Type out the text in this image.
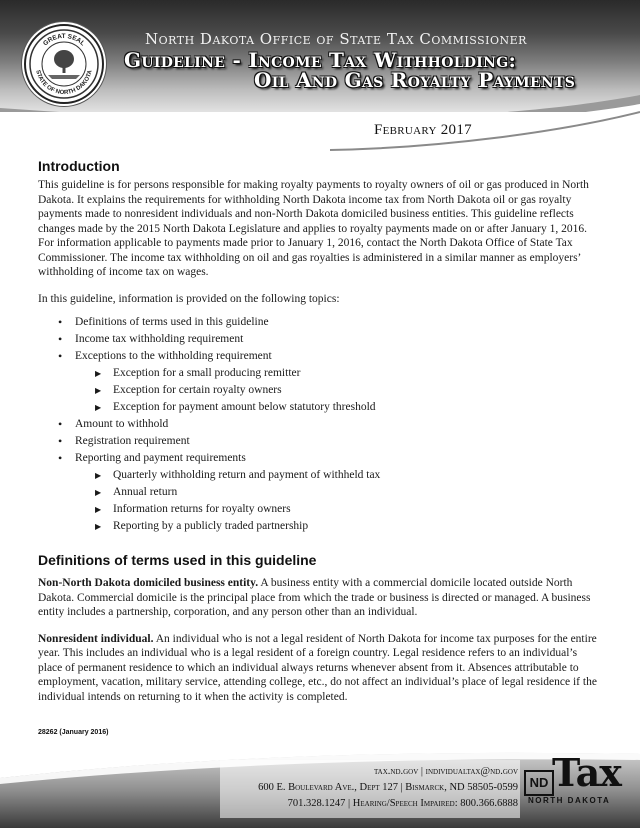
GREAT SEAL
STATE OF NORTH DAKOTA
North Dakota Office of State Tax Commissioner
Guideline - Income Tax Withholding:
Oil And Gas Royalty Payments
February 2017
Introduction

This guideline is for persons responsible for making royalty payments to royalty owners of oil or gas produced in North Dakota. It explains the requirements for withholding North Dakota income tax from North Dakota oil or gas royalty payments made to nonresident individuals and non-North Dakota domiciled business entities. This guideline reflects changes made by the 2015 North Dakota Legislature and applies to royalty payments made on or after January 1, 2016. For information applicable to payments made prior to January 1, 2016, contact the North Dakota Office of State Tax Commissioner. The income tax withholding on oil and gas royalties is administered in a similar manner as employers’ withholding of income tax on wages.

In this guideline, information is provided on the following topics:

• Definitions of terms used in this guideline
• Income tax withholding requirement
• Exceptions to the withholding requirement
▶ Exception for a small producing remitter
▶ Exception for certain royalty owners
▶ Exception for payment amount below statutory threshold
• Amount to withhold
• Registration requirement
• Reporting and payment requirements
▶ Quarterly withholding return and payment of withheld tax
▶ Annual return
▶ Information returns for royalty owners
▶ Reporting by a publicly traded partnership
Definitions of terms used in this guideline

Non-North Dakota domiciled business entity. A business entity with a commercial domicile located outside North Dakota. Commercial domicile is the principal place from which the trade or business is directed or managed. A business entity includes a partnership, corporation, and any person other than an individual.

Nonresident individual. An individual who is not a legal resident of North Dakota for income tax purposes for the entire year. This includes an individual who is a legal resident of a foreign country. Legal residence refers to an individual’s place of permanent residence to which an individual always returns whenever absent from it. Absences attributable to employment, vacation, military service, attending college, etc., do not affect an individual’s place of legal residence if the individual intends on returning to it when the activity is completed.

28262 (January 2016)
tax.nd.gov | individualtax@nd.gov
600 E. Boulevard Ave., Dept 127 | Bismarck, ND 58505-0599
701.328.1247 | Hearing/Speech Impaired: 800.366.6888
ND Tax
NORTH DAKOTA
